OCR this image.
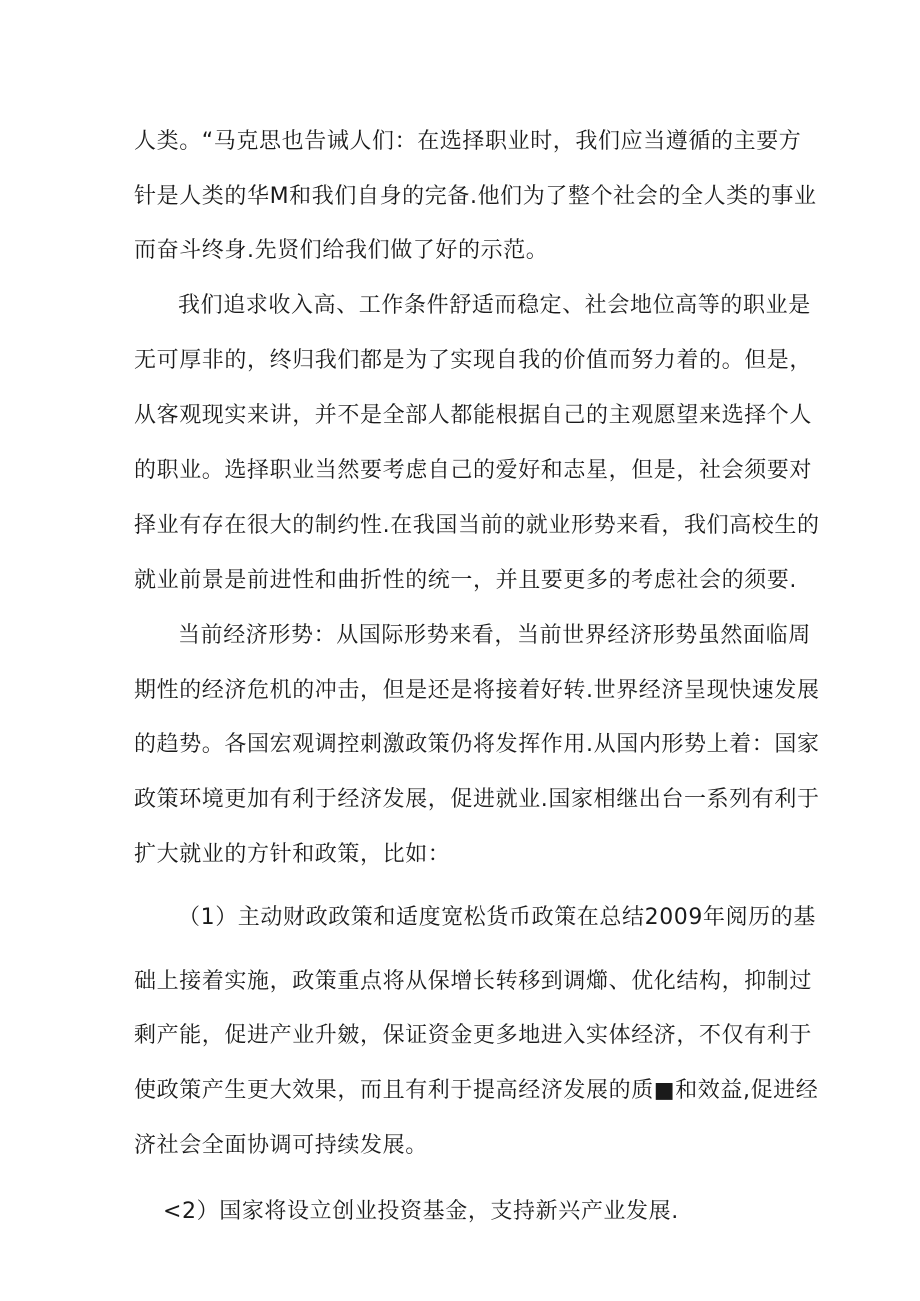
人类。“马克思也告诫人们：在选择职业时，我们应当遵循的主要方

针是人类的华M和我们自身的完备.他们为了整个社会的全人类的事业

而奋斗终身.先贤们给我们做了好的示范。

我们追求收入高、工作条件舒适而稳定、社会地位高等的职业是

无可厚非的，终归我们都是为了实现自我的价值而努力着的。但是，

从客观现实来讲，并不是全部人都能根据自己的主观愿望来选择个人

的职业。选择职业当然要考虑自己的爱好和志星，但是，社会须要对

择业有存在很大的制约性.在我国当前的就业形势来看，我们高校生的

就业前景是前进性和曲折性的统一，并且要更多的考虑社会的须要.

当前经济形势：从国际形势来看，当前世界经济形势虽然面临周

期性的经济危机的冲击，但是还是将接着好转.世界经济呈现快速发展

的趋势。各国宏观调控刺激政策仍将发挥作用.从国内形势上着：国家

政策环境更加有利于经济发展，促进就业.国家相继出台一系列有利于

扩大就业的方针和政策，比如：

（1）主动财政政策和适度宽松货币政策在总结2009年阅历的基

础上接着实施，政策重点将从保增长转移到调㸅、优化结构，抑制过

剩产能，促进产业升皴，保证资金更多地进入实体经济，不仅有利于

使政策产生更大效果，而且有利于提高经济发展的质■和效益,促进经

济社会全面协调可持续发展。

<2）国家将设立创业投资基金，支持新兴产业发展.
